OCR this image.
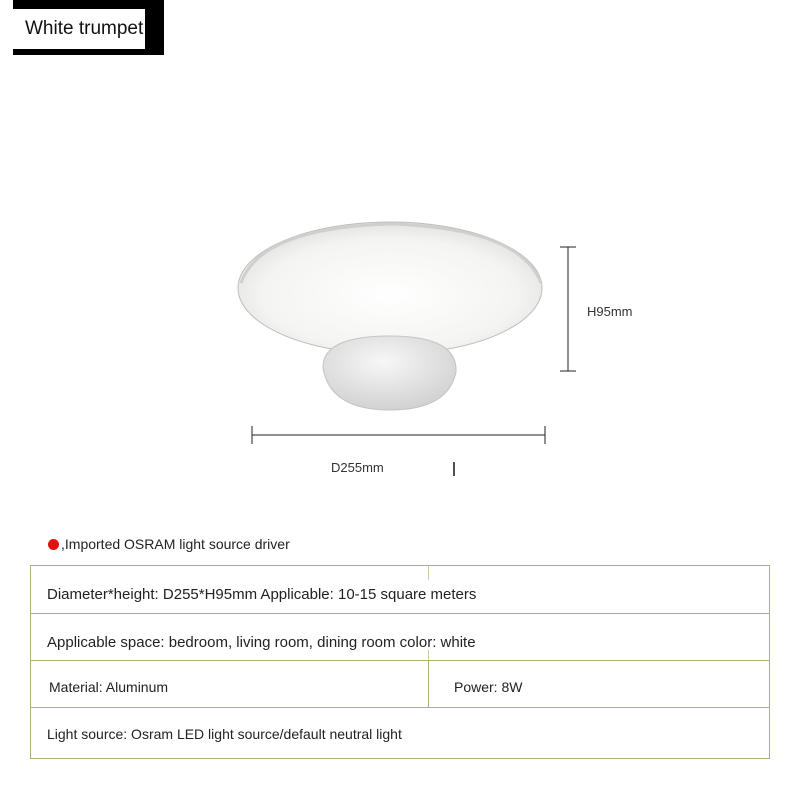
White trumpet
H95mm
D255mm
,Imported OSRAM light source driver
Diameter*height: D255*H95mm Applicable: 10-15 square meters
Applicable space: bedroom, living room, dining room color: white
Material: Aluminum	Power: 8W
Light source: Osram LED light source/default neutral light
